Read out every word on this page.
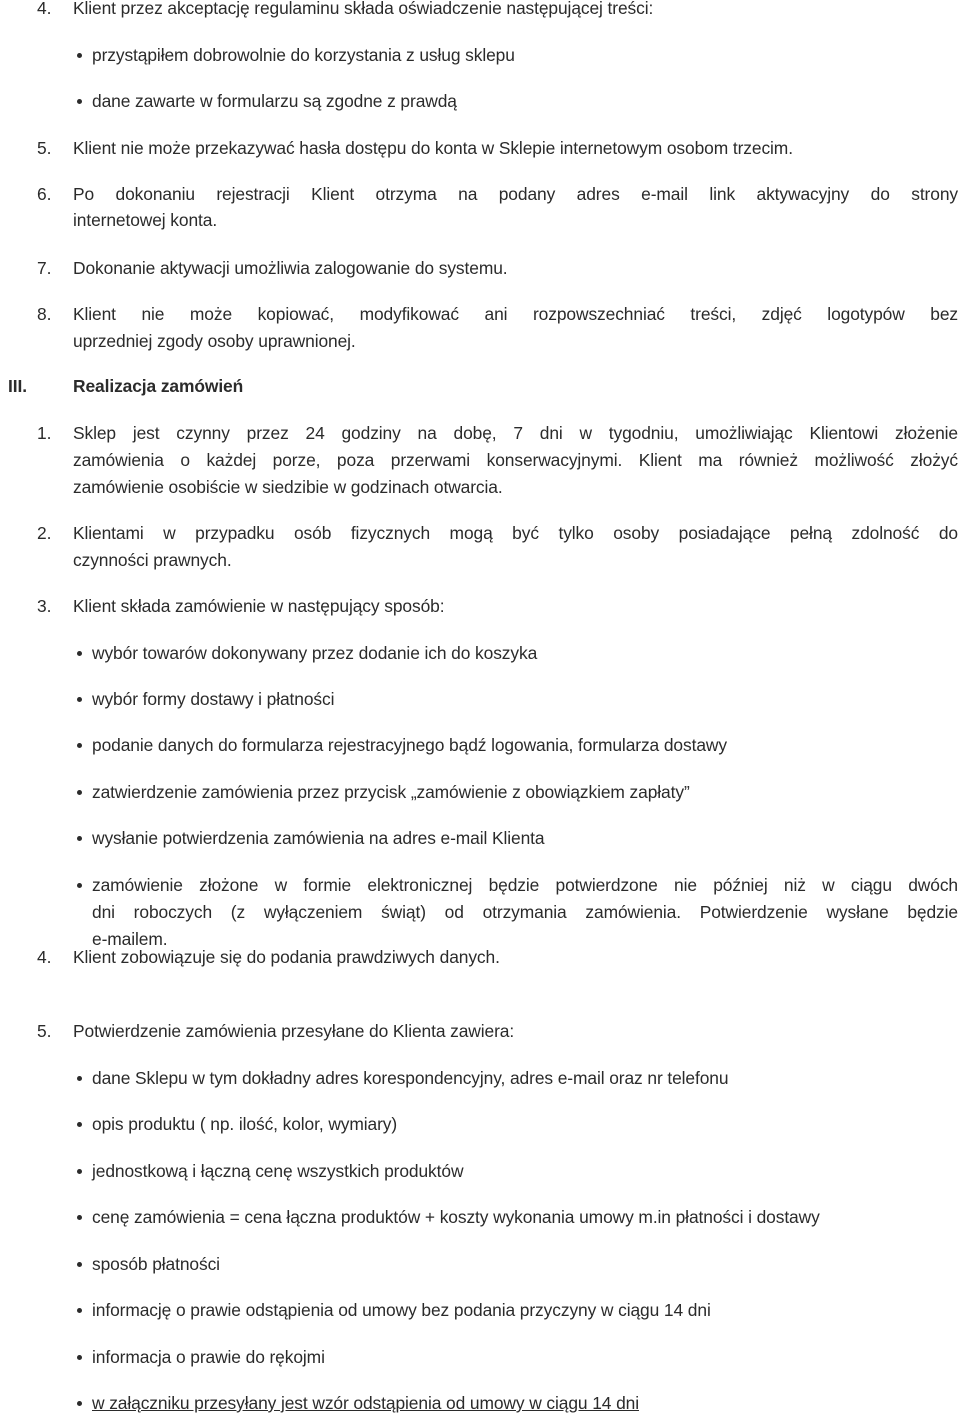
4. Klient przez akceptację regulaminu składa oświadczenie następującej treści:
przystąpiłem dobrowolnie do korzystania z usług sklepu
dane zawarte w formularzu są zgodne z prawdą
5. Klient nie może przekazywać hasła dostępu do konta w Sklepie internetowym osobom trzecim.
6. Po dokonaniu rejestracji Klient otrzyma na podany adres e-mail link aktywacyjny do strony
internetowej konta.
7. Dokonanie aktywacji umożliwia zalogowanie do systemu.
8. Klient nie może kopiować, modyfikować ani rozpowszechniać treści, zdjęć logotypów bez
uprzedniej zgody osoby uprawnionej.
III.	Realizacja zamówień
1. Sklep jest czynny przez 24 godziny na dobę, 7 dni w tygodniu, umożliwiając Klientowi złożenie
zamówienia o każdej porze, poza przerwami konserwacyjnymi. Klient ma również możliwość złożyć
zamówienie osobiście w siedzibie w godzinach otwarcia.
2. Klientami w przypadku osób fizycznych mogą być tylko osoby posiadające pełną zdolność do
czynności prawnych.
3. Klient składa zamówienie w następujący sposób:
wybór towarów dokonywany przez dodanie ich do koszyka
wybór formy dostawy i płatności
podanie danych do formularza rejestracyjnego bądź logowania, formularza dostawy
zatwierdzenie zamówienia przez przycisk „zamówienie z obowiązkiem zapłaty”
wysłanie potwierdzenia zamówienia na adres e-mail Klienta
zamówienie złożone w formie elektronicznej będzie potwierdzone nie później niż w ciągu dwóch
dni roboczych (z wyłączeniem świąt) od otrzymania zamówienia. Potwierdzenie wysłane będzie
e-mailem.
4. Klient zobowiązuje się do podania prawdziwych danych.
5. Potwierdzenie zamówienia przesyłane do Klienta zawiera:
dane Sklepu w tym dokładny adres korespondencyjny, adres e-mail oraz nr telefonu
opis produktu ( np. ilość, kolor, wymiary)
jednostkową i łączną cenę wszystkich produktów
cenę zamówienia = cena łączna produktów + koszty wykonania umowy m.in płatności i dostawy
sposób płatności
informację o prawie odstąpienia od umowy bez podania przyczyny w ciągu 14 dni
informacja o prawie do rękojmi
w załączniku przesyłany jest wzór odstąpienia od umowy w ciągu 14 dni
